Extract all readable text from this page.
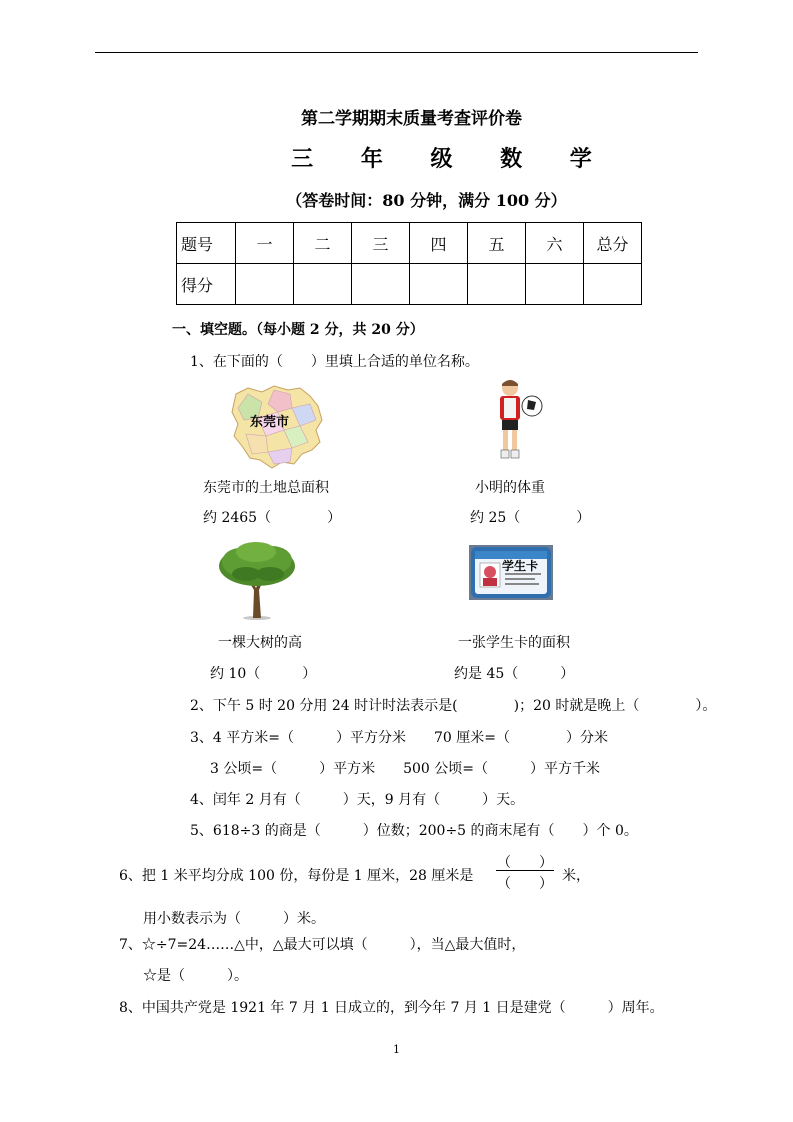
第二学期期末质量考查评价卷
三 年 级 数 学
（答卷时间：80 分钟，满分 100 分）
题号	一	二	三	四	五	六	总分
得分							
一、填空题。（每小题 2 分，共 20 分）
1、在下面的（　　）里填上合适的单位名称。
东莞市
东莞市的土地总面积
约 2465（　　　　）
小明的体重
约 25（　　　　）
学生卡
一棵大树的高
约 10（　　　）
一张学生卡的面积
约是 45（　　　）
2、下午 5 时 20 分用 24 时计时法表示是(　　　　)；20 时就是晚上（　　　　）。
3、4 平方米=（　　　）平方分米　　70 厘米=（　　　　）分米
3 公顷=（　　　）平方米　　500 公顷=（　　　）平方千米
4、闰年 2 月有（　　　）天，9 月有（　　　）天。
5、618÷3 的商是（　　　）位数；200÷5 的商末尾有（　　）个 0。
6、把 1 米平均分成 100 份，每份是 1 厘米，28 厘米是
（　　）
（　　） 米，
用小数表示为（　　　）米。
7、☆÷7=24……△中，△最大可以填（　　　），当△最大值时，
☆是（　　　）。
8、中国共产党是 1921 年 7 月 1 日成立的，到今年 7 月 1 日是建党（　　　）周年。
1
